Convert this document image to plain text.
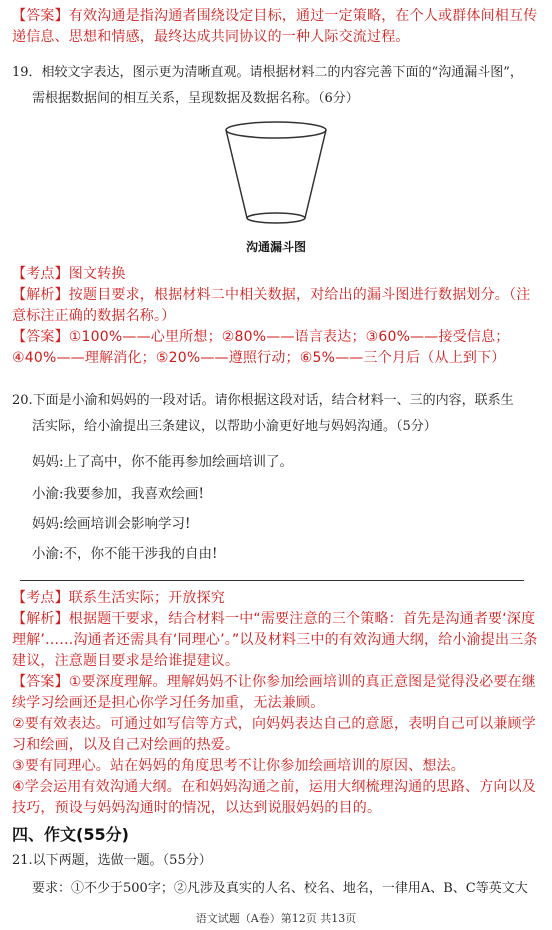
【答案】有效沟通是指沟通者围绕设定目标，通过一定策略，在个人或群体间相互传递信息、思想和情感，最终达成共同协议的一种人际交流过程。
19．相较文字表达，图示更为清晰直观。请根据材料二的内容完善下面的“沟通漏斗图”，
需根据数据间的相互关系，呈现数据及数据名称。（6分）
沟通漏斗图
【考点】图文转换
【解析】按题目要求，根据材料二中相关数据，对给出的漏斗图进行数据划分。（注意标注正确的数据名称。）
【答案】①100%——心里所想；②80%——语言表达；③60%——接受信息；④40%——理解消化；⑤20%——遵照行动；⑥5%——三个月后（从上到下）
20.下面是小渝和妈妈的一段对话。请你根据这段对话，结合材料一、三的内容，联系生
活实际，给小渝提出三条建议，以帮助小渝更好地与妈妈沟通。（5分）
妈妈:上了高中，你不能再参加绘画培训了。
小渝:我要参加，我喜欢绘画!
妈妈:绘画培训会影响学习!
小渝:不，你不能干涉我的自由!
【考点】联系生活实际；开放探究
【解析】根据题干要求，结合材料一中“需要注意的三个策略：首先是沟通者要‘深度理解’……沟通者还需具有‘同理心’。”以及材料三中的有效沟通大纲，给小渝提出三条建议，注意题目要求是给谁提建议。
【答案】①要深度理解。理解妈妈不让你参加绘画培训的真正意图是觉得没必要在继续学习绘画还是担心你学习任务加重，无法兼顾。
②要有效表达。可通过如写信等方式，向妈妈表达自己的意愿，表明自己可以兼顾学习和绘画，以及自己对绘画的热爱。
③要有同理心。站在妈妈的角度思考不让你参加绘画培训的原因、想法。
④学会运用有效沟通大纲。在和妈妈沟通之前，运用大纲梳理沟通的思路、方向以及技巧，预设与妈妈沟通时的情况，以达到说服妈妈的目的。
四、作文(55分)
21.以下两题，选做一题。（55分）
要求：①不少于500字；②凡涉及真实的人名、校名、地名，一律用A、B、C等英文大
语文试题（A卷）第12页 共13页
